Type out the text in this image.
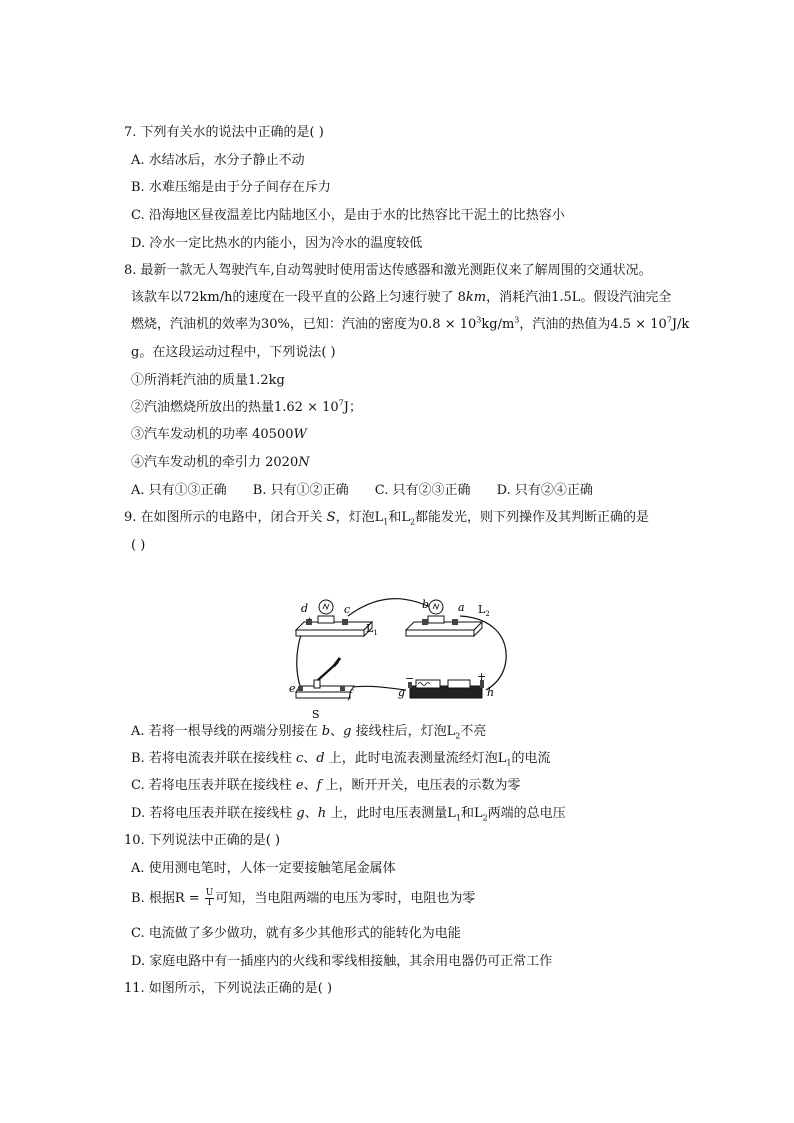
7. 下列有关水的说法中正确的是( )
A. 水结冰后，水分子静止不动
B. 水难压缩是由于分子间存在斥力
C. 沿海地区昼夜温差比内陆地区小，是由于水的比热容比干泥土的比热容小
D. 冷水一定比热水的内能小，因为冷水的温度较低
8. 最新一款无人驾驶汽车,自动驾驶时使用雷达传感器和激光测距仪来了解周围的交通状况。
该款车以72km/h的速度在一段平直的公路上匀速行驶了 8km，消耗汽油1.5L。假设汽油完全
燃烧，汽油机的效率为30%，已知：汽油的密度为$0.8 \times 10^3kg/m^3$，汽油的热值为$4.5 \times 10^7J/k$
g。在这段运动过程中，下列说法( )
①所消耗汽油的质量1.2kg
②汽油燃烧所放出的热量$1.62 \times 10^7J$；
③汽车发动机的功率 40500W
④汽车发动机的牵引力 2020N
A. 只有①③正确 B. 只有①②正确 C. 只有②③正确 D. 只有②④正确
9. 在如图所示的电路中，闭合开关 S，灯泡$L_1$和$L_2$都能发光，则下列操作及其判断正确的是
( )
d	c	b	a $L_2$
$L_1$
e	f	g	h
−	+
S
A. 若将一根导线的两端分别接在 b、g 接线柱后，灯泡$L_2$不亮
B. 若将电流表并联在接线柱 c、d 上，此时电流表测量流经灯泡$L_1$的电流
C. 若将电压表并联在接线柱 e、f 上，断开开关，电压表的示数为零
D. 若将电压表并联在接线柱 g、h 上，此时电压表测量$L_1$和$L_2$两端的总电压
10. 下列说法中正确的是( )
A. 使用测电笔时，人体一定要接触笔尾金属体
B. 根据$R = \frac{U}{I}$ 可知，当电阻两端的电压为零时，电阻也为零
C. 电流做了多少做功，就有多少其他形式的能转化为电能
D. 家庭电路中有一插座内的火线和零线相接触，其余用电器仍可正常工作
11. 如图所示，下列说法正确的是( )
